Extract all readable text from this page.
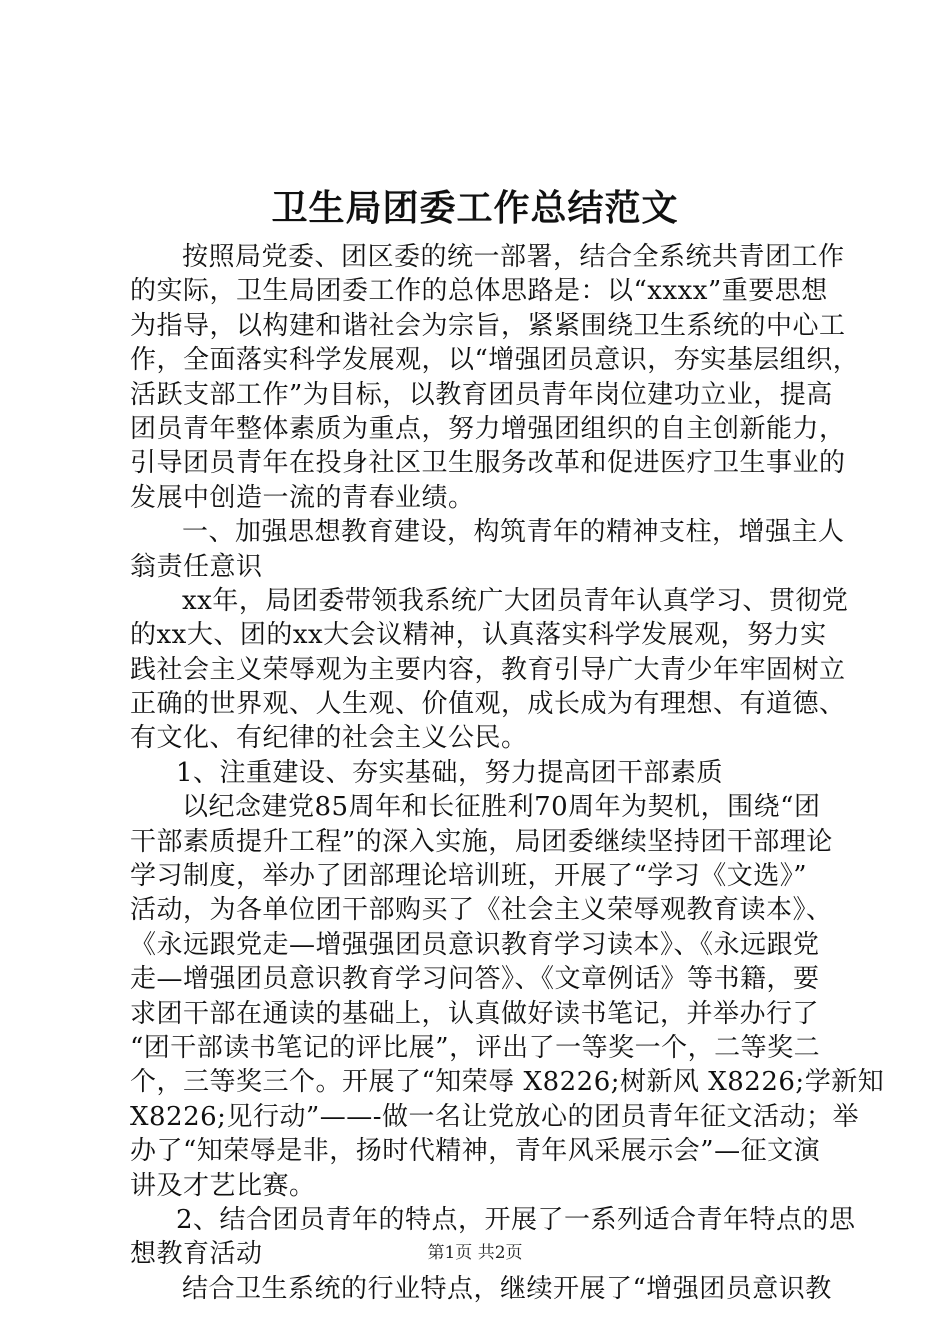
卫生局团委工作总结范文
按照局党委、团区委的统一部署，结合全系统共青团工作
的实际，卫生局团委工作的总体思路是：以“xxxx”重要思想
为指导，以构建和谐社会为宗旨，紧紧围绕卫生系统的中心工
作，全面落实科学发展观，以“增强团员意识，夯实基层组织，
活跃支部工作”为目标，以教育团员青年岗位建功立业，提高
团员青年整体素质为重点，努力增强团组织的自主创新能力，
引导团员青年在投身社区卫生服务改革和促进医疗卫生事业的
发展中创造一流的青春业绩。
一、加强思想教育建设，构筑青年的精神支柱，增强主人
翁责任意识
xx年，局团委带领我系统广大团员青年认真学习、贯彻党
的xx大、团的xx大会议精神，认真落实科学发展观，努力实
践社会主义荣辱观为主要内容，教育引导广大青少年牢固树立
正确的世界观、人生观、价值观，成长成为有理想、有道德、
有文化、有纪律的社会主义公民。
1、注重建设、夯实基础，努力提高团干部素质
以纪念建党85周年和长征胜利70周年为契机，围绕“团
干部素质提升工程”的深入实施，局团委继续坚持团干部理论
学习制度，举办了团部理论培训班，开展了“学习《文选》”
活动，为各单位团干部购买了《社会主义荣辱观教育读本》、
《永远跟党走—增强强团员意识教育学习读本》、《永远跟党
走—增强团员意识教育学习问答》、《文章例话》等书籍，要
求团干部在通读的基础上，认真做好读书笔记，并举办行了
“团干部读书笔记的评比展”，评出了一等奖一个，二等奖二
个，三等奖三个。开展了“知荣辱 X8226;树新风 X8226;学新知
X8226;见行动”——-做一名让党放心的团员青年征文活动；举
办了“知荣辱是非，扬时代精神，青年风采展示会”—征文演
讲及才艺比赛。
2、结合团员青年的特点，开展了一系列适合青年特点的思
想教育活动
结合卫生系统的行业特点，继续开展了“增强团员意识教
第1页 共2页
